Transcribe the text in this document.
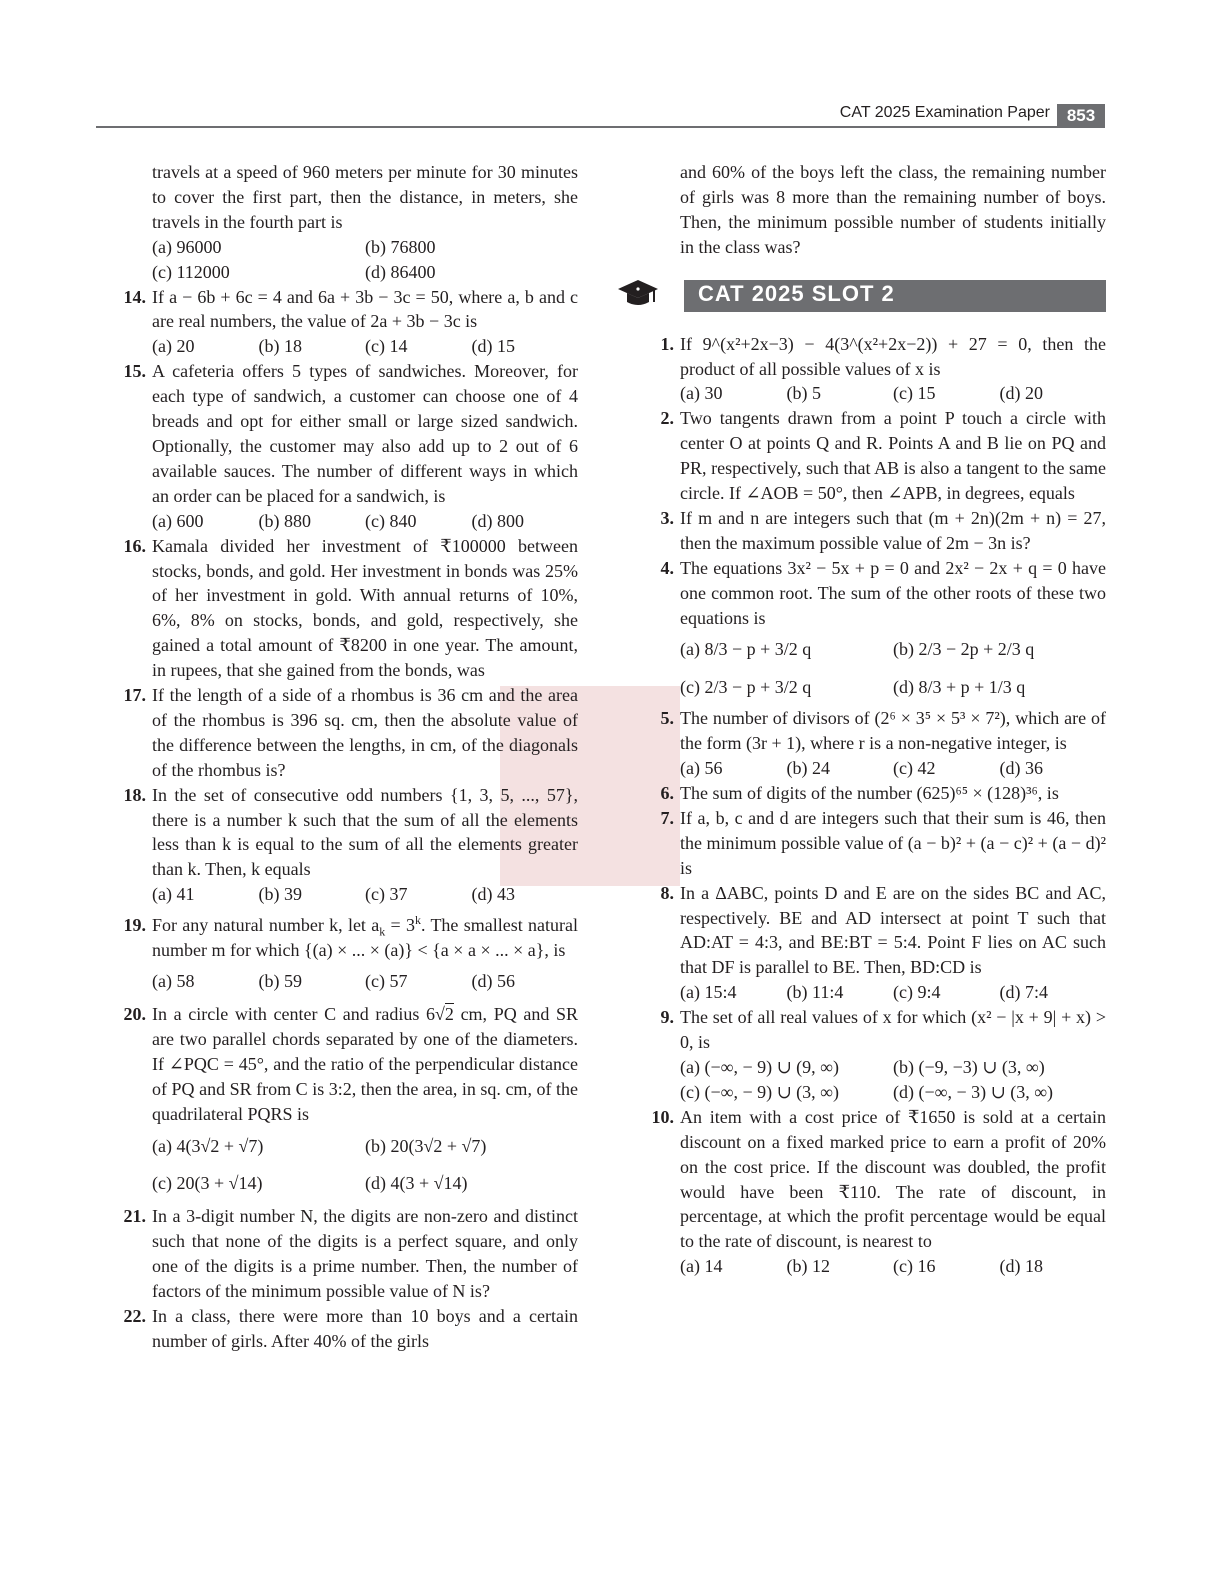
CAT 2025 Examination Paper 853
travels at a speed of 960 meters per minute for 30 minutes to cover the first part, then the distance, in meters, she travels in the fourth part is
(a) 96000	(b) 76800
(c) 112000	(d) 86400
14. If a − 6b + 6c = 4 and 6a + 3b − 3c = 50, where a, b and c are real numbers, the value of 2a + 3b − 3c is
(a) 20	(b) 18	(c) 14	(d) 15
15. A cafeteria offers 5 types of sandwiches. Moreover, for each type of sandwich, a customer can choose one of 4 breads and opt for either small or large sized sandwich. Optionally, the customer may also add up to 2 out of 6 available sauces. The number of different ways in which an order can be placed for a sandwich, is
(a) 600	(b) 880	(c) 840	(d) 800
16. Kamala divided her investment of ₹100000 between stocks, bonds, and gold. Her investment in bonds was 25% of her investment in gold. With annual returns of 10%, 6%, 8% on stocks, bonds, and gold, respectively, she gained a total amount of ₹8200 in one year. The amount, in rupees, that she gained from the bonds, was
17. If the length of a side of a rhombus is 36 cm and the area of the rhombus is 396 sq. cm, then the absolute value of the difference between the lengths, in cm, of the diagonals of the rhombus is?
18. In the set of consecutive odd numbers {1, 3, 5, ..., 57}, there is a number k such that the sum of all the elements less than k is equal to the sum of all the elements greater than k. Then, k equals
(a) 41	(b) 39	(c) 37	(d) 43
19. For any natural number k, let $a_k = 3^k$. The smallest natural number m for which {(a) × ... × (a)} < {a × a × ... × a}, is
(a) 58	(b) 59	(c) 57	(d) 56
20. In a circle with center C and radius 6√2 cm, PQ and SR are two parallel chords separated by one of the diameters. If ∠PQC = 45°, and the ratio of the perpendicular distance of PQ and SR from C is 3:2, then the area, in sq. cm, of the quadrilateral PQRS is
(a) 4(3√2 + √7)	(b) 20(3√2 + √7)
(c) 20(3 + √14)	(d) 4(3 + √14)
21. In a 3-digit number N, the digits are non-zero and distinct such that none of the digits is a perfect square, and only one of the digits is a prime number. Then, the number of factors of the minimum possible value of N is?
22. In a class, there were more than 10 boys and a certain number of girls. After 40% of the girls
and 60% of the boys left the class, the remaining number of girls was 8 more than the remaining number of boys. Then, the minimum possible number of students initially in the class was?
CAT 2025 SLOT 2
1. If 9^(x²+2x−3) − 4(3^(x²+2x−2)) + 27 = 0, then the product of all possible values of x is
(a) 30	(b) 5	(c) 15	(d) 20
2. Two tangents drawn from a point P touch a circle with center O at points Q and R. Points A and B lie on PQ and PR, respectively, such that AB is also a tangent to the same circle. If ∠AOB = 50°, then ∠APB, in degrees, equals
3. If m and n are integers such that (m + 2n)(2m + n) = 27, then the maximum possible value of 2m − 3n is?
4. The equations 3x² − 5x + p = 0 and 2x² − 2x + q = 0 have one common root. The sum of the other roots of these two equations is
(a) 8/3 − p + 3/2 q	(b) 2/3 − 2p + 2/3 q
(c) 2/3 − p + 3/2 q	(d) 8/3 + p + 1/3 q
5. The number of divisors of (2⁶ × 3⁵ × 5³ × 7²), which are of the form (3r + 1), where r is a non-negative integer, is
(a) 56	(b) 24	(c) 42	(d) 36
6. The sum of digits of the number (625)⁶⁵ × (128)³⁶, is
7. If a, b, c and d are integers such that their sum is 46, then the minimum possible value of (a − b)² + (a − c)² + (a − d)² is
8. In a ΔABC, points D and E are on the sides BC and AC, respectively. BE and AD intersect at point T such that AD:AT = 4:3, and BE:BT = 5:4. Point F lies on AC such that DF is parallel to BE. Then, BD:CD is
(a) 15:4	(b) 11:4	(c) 9:4	(d) 7:4
9. The set of all real values of x for which (x² − |x + 9| + x) > 0, is
(a) (−∞, − 9) ∪ (9, ∞)	(b) (−9, −3) ∪ (3, ∞)
(c) (−∞, − 9) ∪ (3, ∞)	(d) (−∞, − 3) ∪ (3, ∞)
10. An item with a cost price of ₹1650 is sold at a certain discount on a fixed marked price to earn a profit of 20% on the cost price. If the discount was doubled, the profit would have been ₹110. The rate of discount, in percentage, at which the profit percentage would be equal to the rate of discount, is nearest to
(a) 14	(b) 12	(c) 16	(d) 18
